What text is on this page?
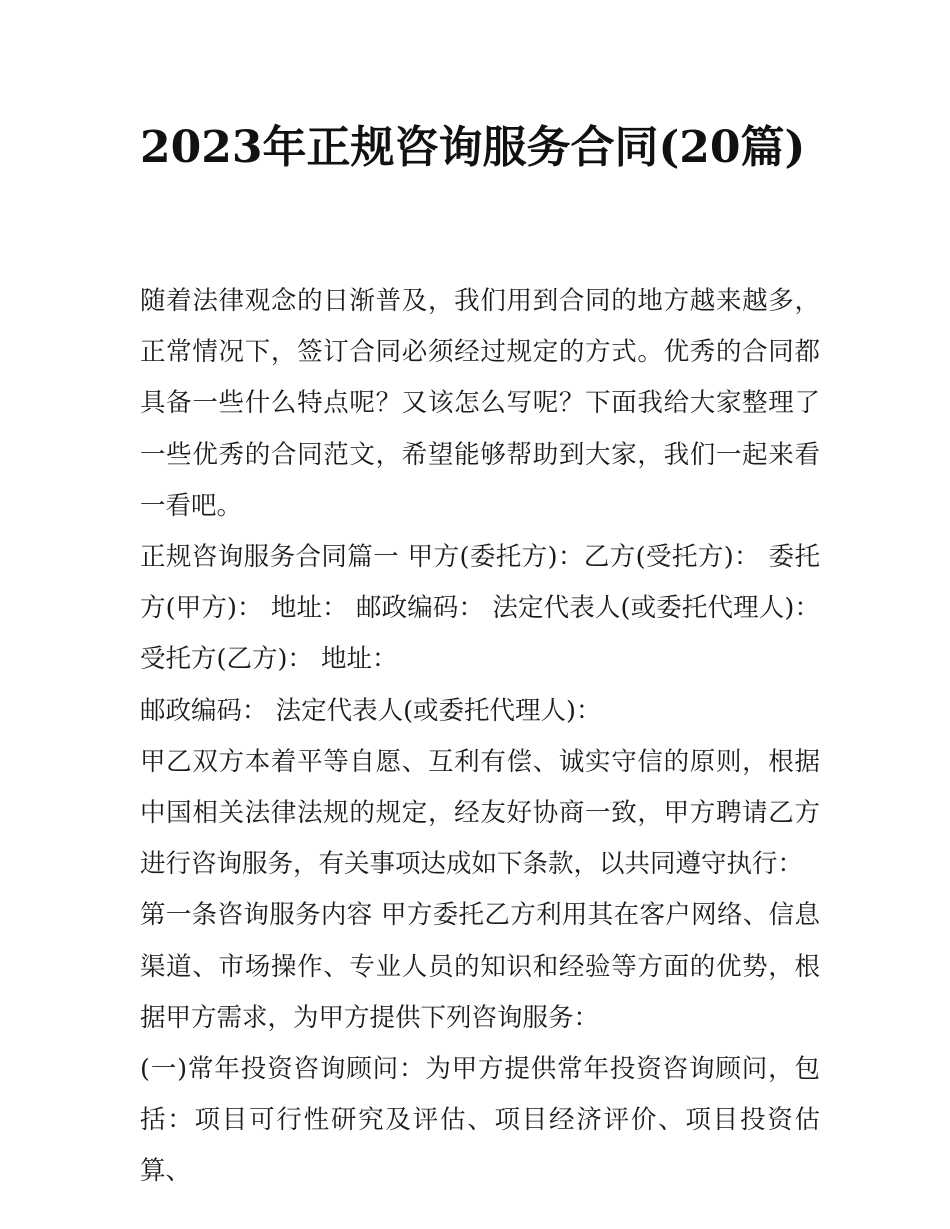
2023年正规咨询服务合同(20篇)

随着法律观念的日渐普及，我们用到合同的地方越来越多，正常情况下，签订合同必须经过规定的方式。优秀的合同都具备一些什么特点呢？又该怎么写呢？下面我给大家整理了一些优秀的合同范文，希望能够帮助到大家，我们一起来看一看吧。

正规咨询服务合同篇一 甲方(委托方)：乙方(受托方)： 委托方(甲方)： 地址： 邮政编码： 法定代表人(或委托代理人)： 受托方(乙方)： 地址：

邮政编码： 法定代表人(或委托代理人)：

甲乙双方本着平等自愿、互利有偿、诚实守信的原则，根据中国相关法律法规的规定，经友好协商一致，甲方聘请乙方进行咨询服务，有关事项达成如下条款，以共同遵守执行：

第一条咨询服务内容 甲方委托乙方利用其在客户网络、信息渠道、市场操作、专业人员的知识和经验等方面的优势，根据甲方需求，为甲方提供下列咨询服务：

(一)常年投资咨询顾问：为甲方提供常年投资咨询顾问，包括：项目可行性研究及评估、项目经济评价、项目投资估算、
